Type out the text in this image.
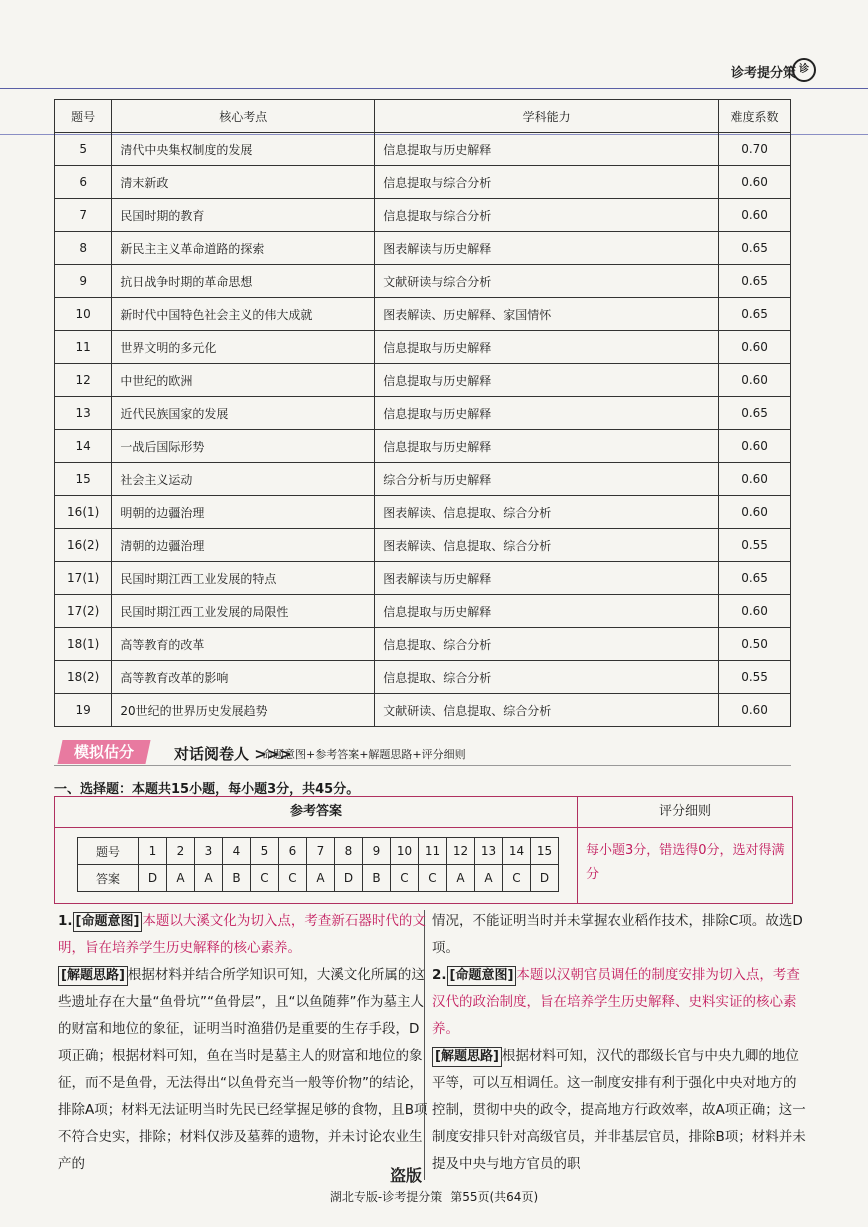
诊考提分策 诊
题号	核心考点	学科能力	难度系数
5	清代中央集权制度的发展	信息提取与历史解释	0.70
6	清末新政	信息提取与综合分析	0.60
7	民国时期的教育	信息提取与综合分析	0.60
8	新民主主义革命道路的探索	图表解读与历史解释	0.65
9	抗日战争时期的革命思想	文献研读与综合分析	0.65
10	新时代中国特色社会主义的伟大成就	图表解读、历史解释、家国情怀	0.65
11	世界文明的多元化	信息提取与历史解释	0.60
12	中世纪的欧洲	信息提取与历史解释	0.60
13	近代民族国家的发展	信息提取与历史解释	0.65
14	一战后国际形势	信息提取与历史解释	0.60
15	社会主义运动	综合分析与历史解释	0.60
16(1)	明朝的边疆治理	图表解读、信息提取、综合分析	0.60
16(2)	清朝的边疆治理	图表解读、信息提取、综合分析	0.55
17(1)	民国时期江西工业发展的特点	图表解读与历史解释	0.65
17(2)	民国时期江西工业发展的局限性	信息提取与历史解释	0.60
18(1)	高等教育的改革	信息提取、综合分析	0.50
18(2)	高等教育改革的影响	信息提取、综合分析	0.55
19	20世纪的世界历史发展趋势	文献研读、信息提取、综合分析	0.60
模拟估分	对话阅卷人 >>>
命题意图+参考答案+解题思路+评分细则
一、选择题：本题共15小题，每小题3分，共45分。
参考答案
题号	1	2	3	4	5	6	7	8	9	10	11	12	13	14	15
答案	D	A	A	B	C	C	A	D	B	C	C	A	A	C	D
评分细则
每小题3分，错选得0分，选对得满分

1. [命题意图] 本题以大溪文化为切入点，考查新石器时代的文明，旨在培养学生历史解释的核心素养。

[解题思路] 根据材料并结合所学知识可知，大溪文化所属的这些遗址存在大量“鱼骨坑”“鱼骨层”，且“以鱼随葬”作为墓主人的财富和地位的象征，证明当时渔猎仍是重要的生存手段，D项正确；根据材料可知，鱼在当时是墓主人的财富和地位的象征，而不是鱼骨，无法得出“以鱼骨充当一般等价物”的结论，排除A项；材料无法证明当时先民已经掌握足够的食物，且B项不符合史实，排除；材料仅涉及墓葬的遗物，并未讨论农业生产的

情况，不能证明当时并未掌握农业稻作技术，排除C项。故选D项。

2. [命题意图] 本题以汉朝官员调任的制度安排为切入点，考查汉代的政治制度，旨在培养学生历史解释、史料实证的核心素养。

[解题思路] 根据材料可知，汉代的郡级长官与中央九卿的地位平等，可以互相调任。这一制度安排有利于强化中央对地方的控制，贯彻中央的政令，提高地方行政效率，故A项正确；这一制度安排只针对高级官员，并非基层官员，排除B项；材料并未提及中央与地方官员的职

盗版
湖北专版-诊考提分策 第55页(共64页)
